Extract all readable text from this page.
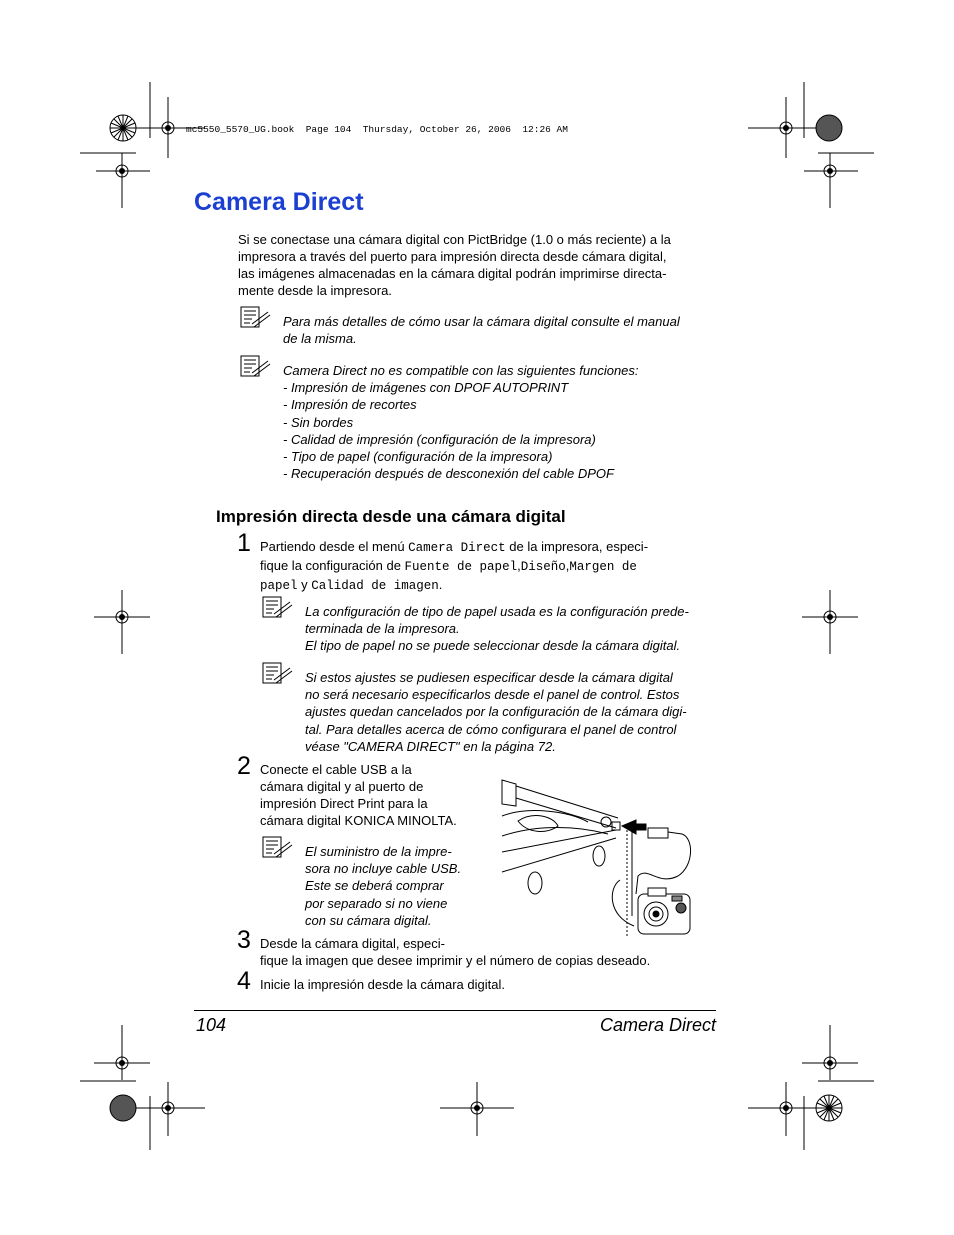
mc5550_5570_UG.book  Page 104  Thursday, October 26, 2006  12:26 AM
Camera Direct
Si se conectase una cámara digital con PictBridge (1.0 o más reciente) a la
impresora a través del puerto para impresión directa desde cámara digital,
las imágenes almacenadas en la cámara digital podrán imprimirse directa-
mente desde la impresora.
Para más detalles de cómo usar la cámara digital consulte el manual
de la misma.
Camera Direct no es compatible con las siguientes funciones:
- Impresión de imágenes con DPOF AUTOPRINT
- Impresión de recortes
- Sin bordes
- Calidad de impresión (configuración de la impresora)
- Tipo de papel (configuración de la impresora)
- Recuperación después de desconexión del cable DPOF
Impresión directa desde una cámara digital
1 Partiendo desde el menú Camera Direct de la impresora, especi-
fique la configuración de Fuente de papel,Diseño,Margen de
papel y Calidad de imagen.
La configuración de tipo de papel usada es la configuración prede-
terminada de la impresora.
El tipo de papel no se puede seleccionar desde la cámara digital.
Si estos ajustes se pudiesen especificar desde la cámara digital
no será necesario especificarlos desde el panel de control. Estos
ajustes quedan cancelados por la configuración de la cámara digi-
tal. Para detalles acerca de cómo configurara el panel de control
véase "CAMERA DIRECT" en la página 72.
2 Conecte el cable USB a la
cámara digital y al puerto de
impresión Direct Print para la
cámara digital KONICA MINOLTA.
El suministro de la impre-
sora no incluye cable USB.
Este se deberá comprar
por separado si no viene
con su cámara digital.
3 Desde la cámara digital, especi-
fique la imagen que desee imprimir y el número de copias deseado.
4 Inicie la impresión desde la cámara digital.
104	Camera Direct
